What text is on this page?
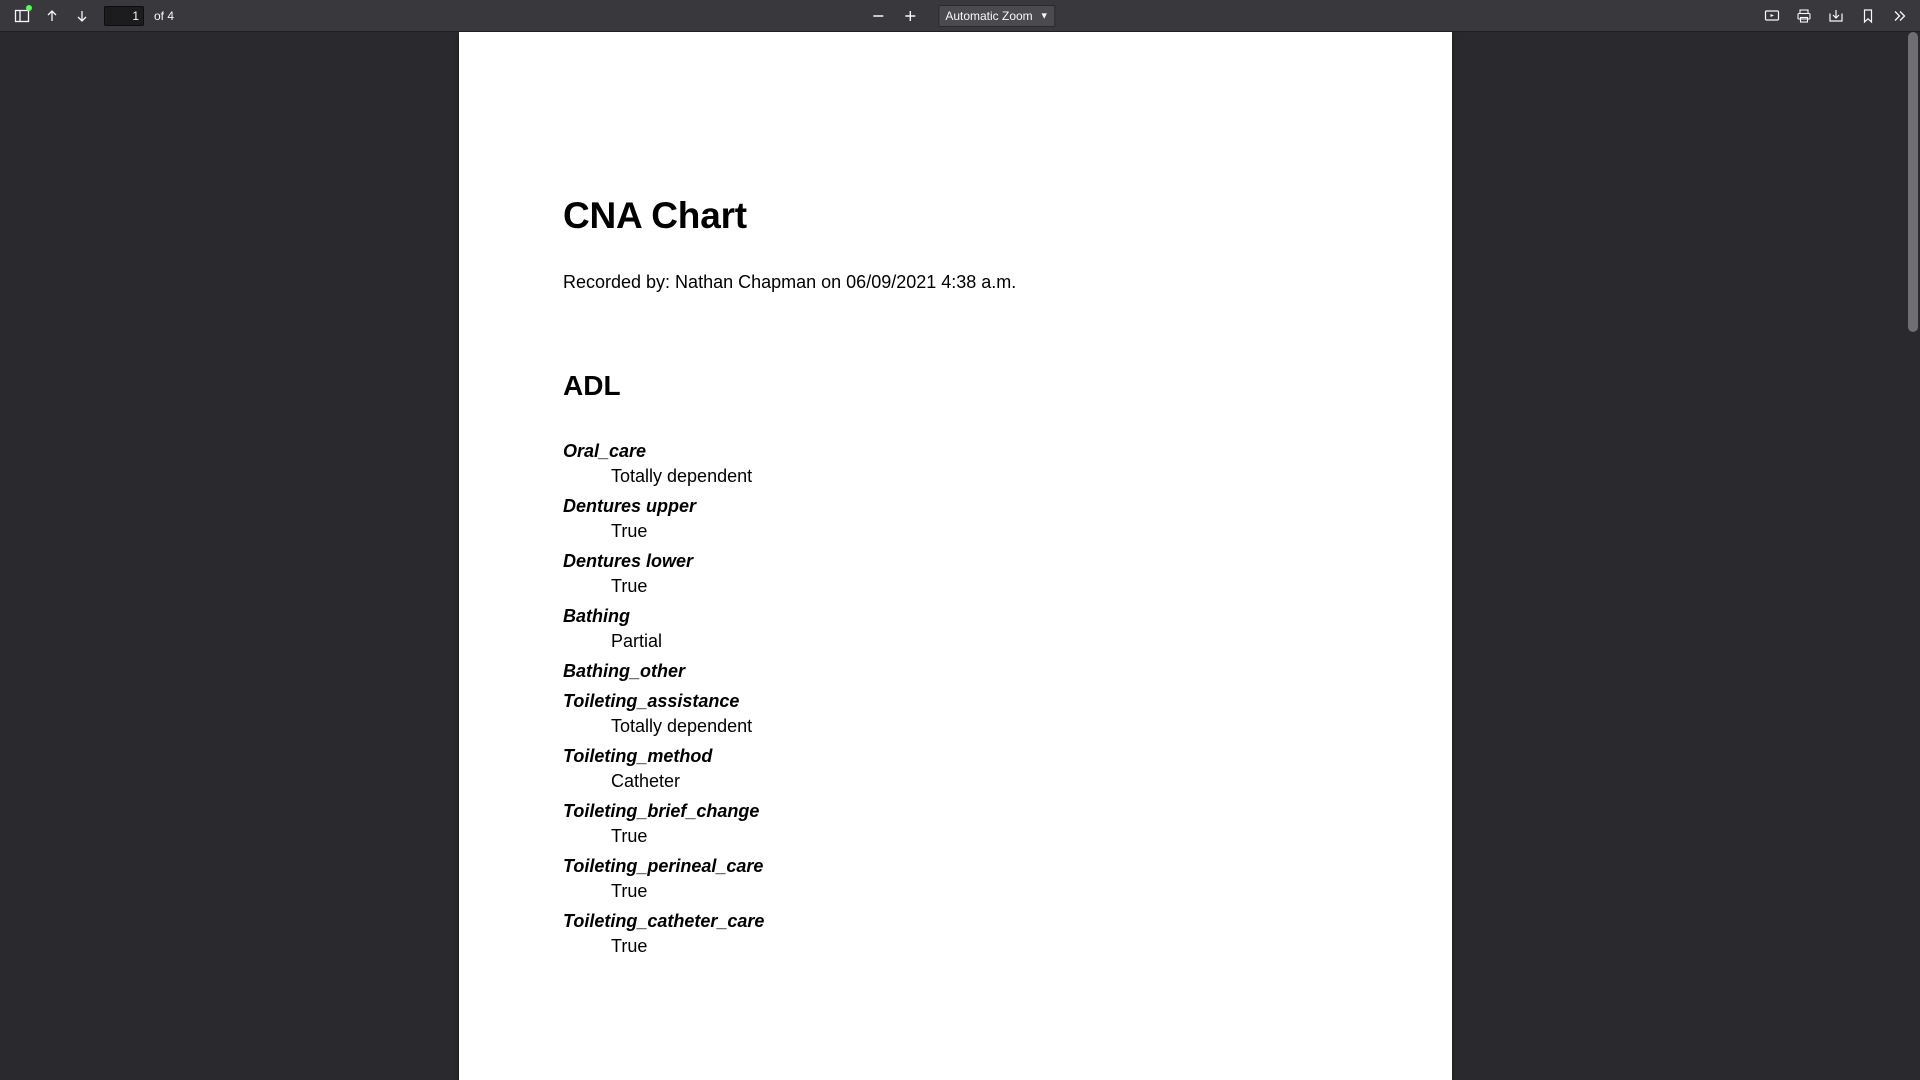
1
of 4	Automatic Zoom ▼
CNA Chart
Recorded by: Nathan Chapman on 06/09/2021 4:38 a.m.
ADL
Oral_care
Totally dependent
Dentures upper
True
Dentures lower
True
Bathing
Partial
Bathing_other
Toileting_assistance
Totally dependent
Toileting_method
Catheter
Toileting_brief_change
True
Toileting_perineal_care
True
Toileting_catheter_care
True
